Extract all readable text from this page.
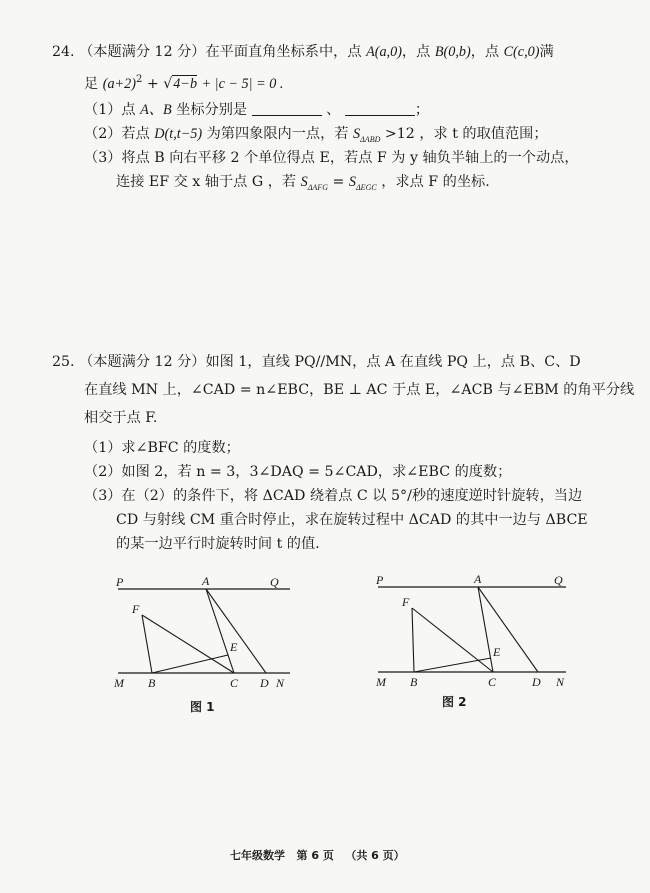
24. （本题满分 12 分）在平面直角坐标系中，点 A(a,0)，点 B(0,b)，点 C(c,0)满
足 $(a+2)^2 + √4-b + |c - 5| = 0$ .
（1）点 A、B 坐标分别是	、	；
（2）若点 D(t,t−5) 为第四象限内一点，若 $S_{\Delta ABD} >12$ ，求 t 的取值范围；
（3）将点 B 向右平移 2 个单位得点 E，若点 F 为 y 轴负半轴上的一个动点，
连接 EF 交 x 轴于点 G ，若 $S_{\Delta AFG} = S_{\Delta EGC}$ ，求点 F 的坐标.
25. （本题满分 12 分）如图 1，直线 PQ//MN，点 A 在直线 PQ 上，点 B、C、D
在直线 MN 上，∠CAD = n∠EBC，BE ⊥ AC 于点 E，∠ACB 与∠EBM 的角平分线
相交于点 F.
（1）求∠BFC 的度数；
（2）如图 2，若 n = 3，3∠DAQ = 5∠CAD，求∠EBC 的度数；
（3）在（2）的条件下，将 ΔCAD 绕着点 C 以 5°/秒的速度逆时针旋转，当边
CD 与射线 CM 重合时停止，求在旋转过程中 ΔCAD 的其中一边与 ΔBCE
的某一边平行时旋转时间 t 的值.
P	A	Q
F
E
M B	C D N
图 1
P	A	Q
F
E
M B	C	D N
图 2
七年级数学 第 6 页 （共 6 页）
